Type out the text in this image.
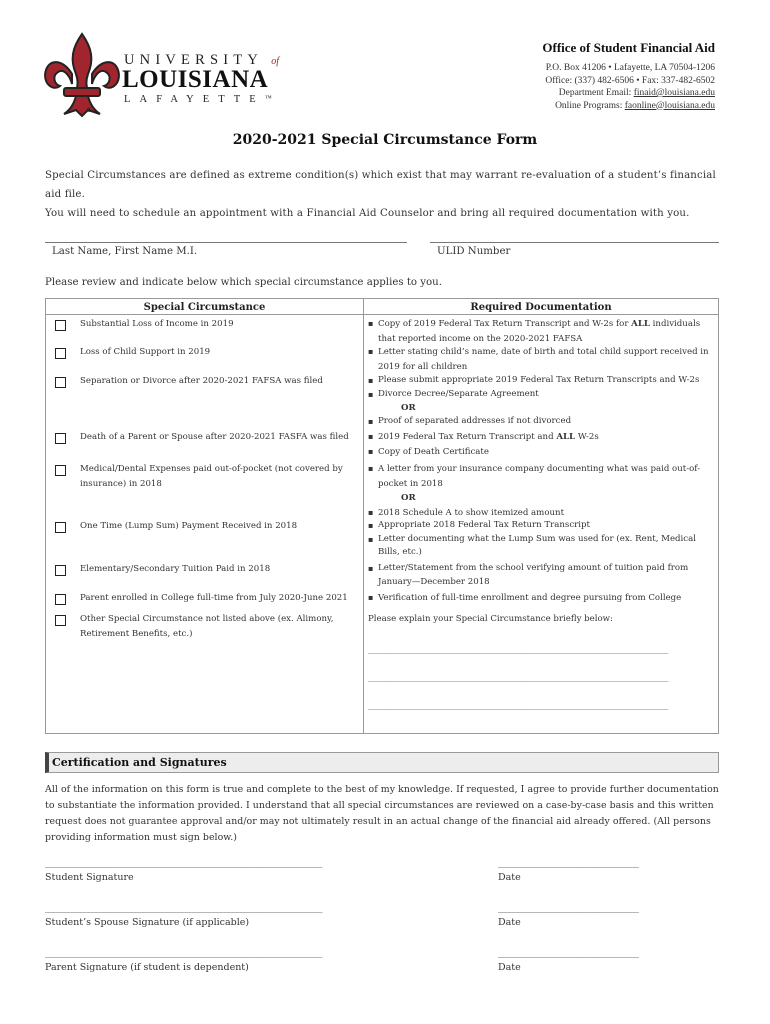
®
UNIVERSITY of
LOUISIANA
LAFAYETTE™
Office of Student Financial Aid
P.O. Box 41206 • Lafayette, LA 70504-1206
Office: (337) 482-6506 • Fax: 337-482-6502
Department Email: finaid@louisiana.edu
Online Programs: faonline@louisiana.edu
2020-2021 Special Circumstance Form
Special Circumstances are defined as extreme condition(s) which exist that may warrant re-evaluation of a student’s financial aid file.
You will need to schedule an appointment with a Financial Aid Counselor and bring all required documentation with you.
Last Name, First Name M.I.	ULID Number
Please review and indicate below which special circumstance applies to you.
Special Circumstance	Required Documentation
Substantial Loss of Income in 2019	▪ Copy of 2019 Federal Tax Return Transcript and W-2s for ALL individuals that reported income on the 2020-2021 FAFSA
Loss of Child Support in 2019	▪ Letter stating child’s name, date of birth and total child support received in 2019 for all children
Separation or Divorce after 2020-2021 FAFSA was filed	▪ Please submit appropriate 2019 Federal Tax Return Transcripts and W-2s
▪ Divorce Decree/Separate Agreement
OR
▪ Proof of separated addresses if not divorced
Death of a Parent or Spouse after 2020-2021 FASFA was filed	▪ 2019 Federal Tax Return Transcript and ALL W-2s
▪ Copy of Death Certificate
Medical/Dental Expenses paid out-of-pocket (not covered by insurance) in 2018
▪ A letter from your insurance company documenting what was paid out-of-pocket in 2018
OR
▪ 2018 Schedule A to show itemized amount
One Time (Lump Sum) Payment Received in 2018	▪ Appropriate 2018 Federal Tax Return Transcript
▪ Letter documenting what the Lump Sum was used for (ex. Rent, Medical Bills, etc.)
Elementary/Secondary Tuition Paid in 2018	▪ Letter/Statement from the school verifying amount of tuition paid from January—December 2018
Parent enrolled in College full-time from July 2020-June 2021	▪ Verification of full-time enrollment and degree pursuing from College
Other Special Circumstance not listed above (ex. Alimony, Retirement Benefits, etc.)
Please explain your Special Circumstance briefly below:
_____________________________________________________________________________
_____________________________________________________________________________
_____________________________________________________________________________
Certification and Signatures
All of the information on this form is true and complete to the best of my knowledge. If requested, I agree to provide further documentation to substantiate the information provided. I understand that all special circumstances are reviewed on a case-by-case basis and this written request does not guarantee approval and/or may not ultimately result in an actual change of the financial aid already offered. (All persons providing information must sign below.)
_______________________________________________________________________
Student Signature
____________________________________
Date
_______________________________________________________________________
Student’s Spouse Signature (if applicable)
____________________________________
Date
_______________________________________________________________________
Parent Signature (if student is dependent)
____________________________________
Date
